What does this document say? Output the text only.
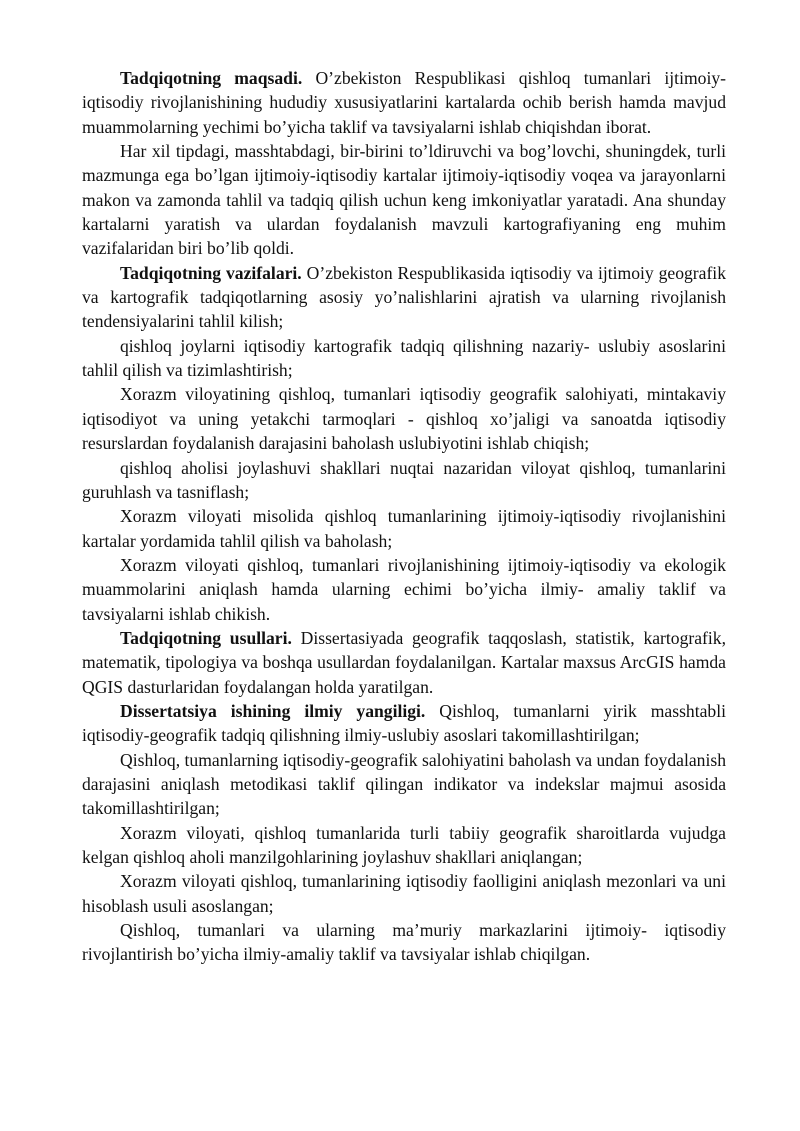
Tadqiqotning maqsadi. O’zbekiston Respublikasi qishloq tumanlari ijtimoiy-iqtisodiy rivojlanishining hududiy xususiyatlarini kartalarda ochib berish hamda mavjud muammolarning yechimi bo’yicha taklif va tavsiyalarni ishlab chiqishdan iborat.

Har xil tipdagi, masshtabdagi, bir-birini to’ldiruvchi va bog’lovchi, shuningdek, turli mazmunga ega bo’lgan ijtimoiy-iqtisodiy kartalar ijtimoiy-iqtisodiy voqea va jarayonlarni makon va zamonda tahlil va tadqiq qilish uchun keng imkoniyatlar yaratadi. Ana shunday kartalarni yaratish va ulardan foydalanish mavzuli kartografiyaning eng muhim vazifalaridan biri bo’lib qoldi.

Tadqiqotning vazifalari. O’zbekiston Respublikasida iqtisodiy va ijtimoiy geografik va kartografik tadqiqotlarning asosiy yo’nalishlarini ajratish va ularning rivojlanish tendensiyalarini tahlil kilish;

qishloq joylarni iqtisodiy kartografik tadqiq qilishning nazariy- uslubiy asoslarini tahlil qilish va tizimlashtirish;

Xorazm viloyatining qishloq, tumanlari iqtisodiy geografik salohiyati, mintakaviy iqtisodiyot va uning yetakchi tarmoqlari - qishloq xo’jaligi va sanoatda iqtisodiy resurslardan foydalanish darajasini baholash uslubiyotini ishlab chiqish;

qishloq aholisi joylashuvi shakllari nuqtai nazaridan viloyat qishloq, tumanlarini guruhlash va tasniflash;

Xorazm viloyati misolida qishloq tumanlarining ijtimoiy-iqtisodiy rivojlanishini kartalar yordamida tahlil qilish va baholash;

Xorazm viloyati qishloq, tumanlari rivojlanishining ijtimoiy-iqtisodiy va ekologik muammolarini aniqlash hamda ularning echimi bo’yicha ilmiy- amaliy taklif va tavsiyalarni ishlab chikish.

Tadqiqotning usullari. Dissertasiyada geografik taqqoslash, statistik, kartografik, matematik, tipologiya va boshqa usullardan foydalanilgan. Kartalar maxsus ArcGIS hamda QGIS dasturlaridan foydalangan holda yaratilgan.

Dissertatsiya ishining ilmiy yangiligi. Qishloq, tumanlarni yirik masshtabli iqtisodiy-geografik tadqiq qilishning ilmiy-uslubiy asoslari takomillashtirilgan;

Qishloq, tumanlarning iqtisodiy-geografik salohiyatini baholash va undan foydalanish darajasini aniqlash metodikasi taklif qilingan indikator va indekslar majmui asosida takomillashtirilgan;

Xorazm viloyati, qishloq tumanlarida turli tabiiy geografik sharoitlarda vujudga kelgan qishloq aholi manzilgohlarining joylashuv shakllari aniqlangan;

Xorazm viloyati qishloq, tumanlarining iqtisodiy faolligini aniqlash mezonlari va uni hisoblash usuli asoslangan;

Qishloq, tumanlari va ularning ma’muriy markazlarini ijtimoiy- iqtisodiy rivojlantirish bo’yicha ilmiy-amaliy taklif va tavsiyalar ishlab chiqilgan.
